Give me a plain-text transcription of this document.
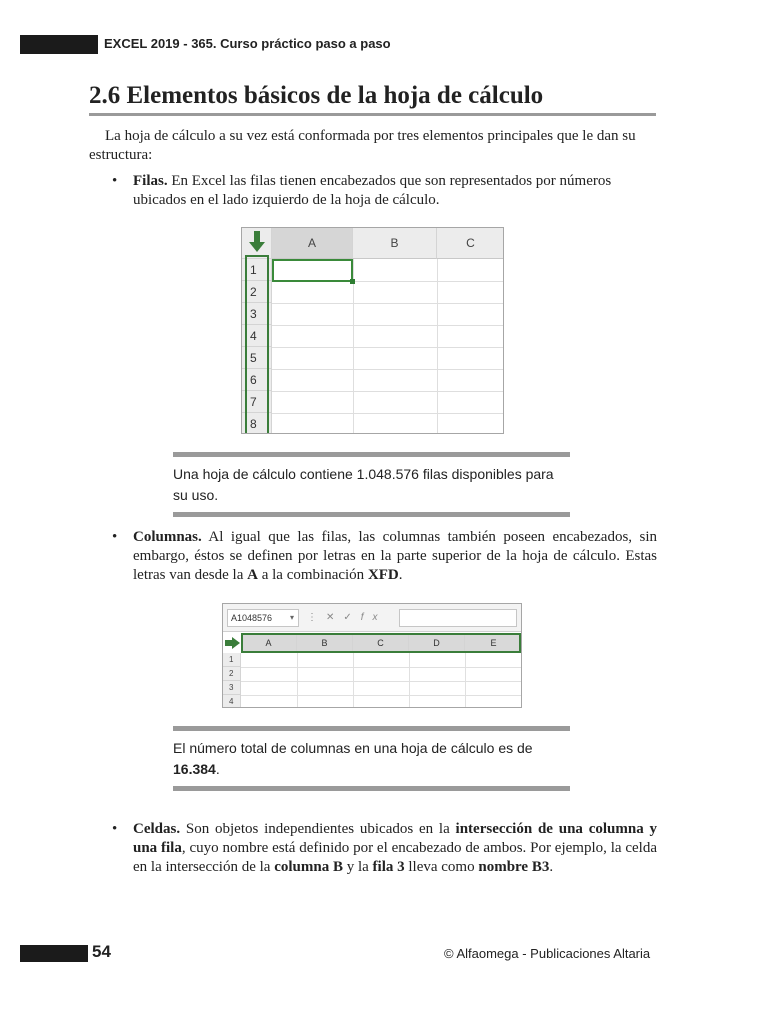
EXCEL 2019 - 365. Curso práctico paso a paso
2.6 Elementos básicos de la hoja de cálculo
La hoja de cálculo a su vez está conformada por tres elementos principales que le dan su estructura:
• Filas. En Excel las filas tienen encabezados que son representados por números ubicados en el lado izquierdo de la hoja de cálculo.
A	B	C
1
2
3
4
5
6
7
8
Una hoja de cálculo contiene 1.048.576 filas disponibles para su uso.
• Columnas. Al igual que las filas, las columnas también poseen encabezados, sin embargo, éstos se definen por letras en la parte superior de la hoja de cálculo. Estas letras van desde la A a la combinación XFD.
A1048576 ▾ ⋮✕✓fx
A	B	C	D	E
1
2
3
4
El número total de columnas en una hoja de cálculo es de 16.384.
• Celdas. Son objetos independientes ubicados en la intersección de una columna y una fila, cuyo nombre está definido por el encabezado de ambos. Por ejemplo, la celda en la intersección de la columna B y la fila 3 lleva como nombre B3.
54	© Alfaomega - Publicaciones Altaria
